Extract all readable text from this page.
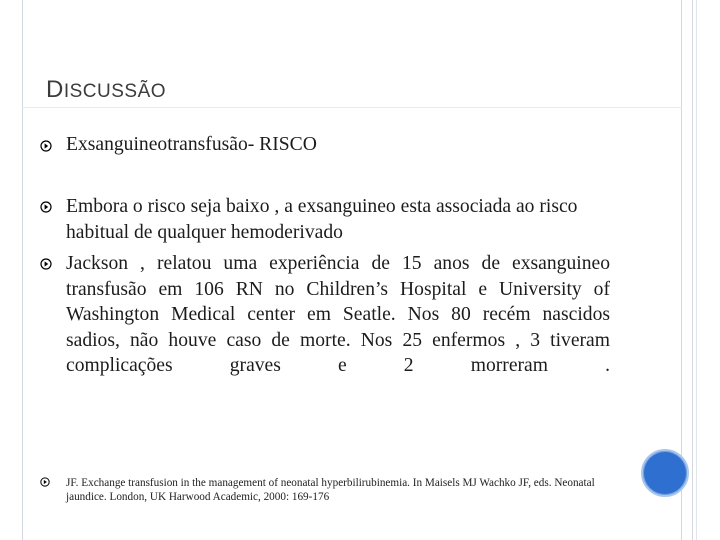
DISCUSSÃO
Exsanguineotransfusão- RISCO
Embora o risco seja baixo , a exsanguineo esta associada ao risco habitual de qualquer hemoderivado
Jackson , relatou uma experiência de 15 anos de exsanguineo transfusão em 106 RN no Children’s Hospital e University of Washington Medical center em Seatle. Nos 80 recém nascidos sadios, não houve caso de morte. Nos 25 enfermos , 3 tiveram complicações graves e 2 morreram .
JF. Exchange transfusion in the management of neonatal hyperbilirubinemia. In Maisels MJ Wachko JF, eds. Neonatal jaundice. London, UK Harwood Academic, 2000: 169-176
